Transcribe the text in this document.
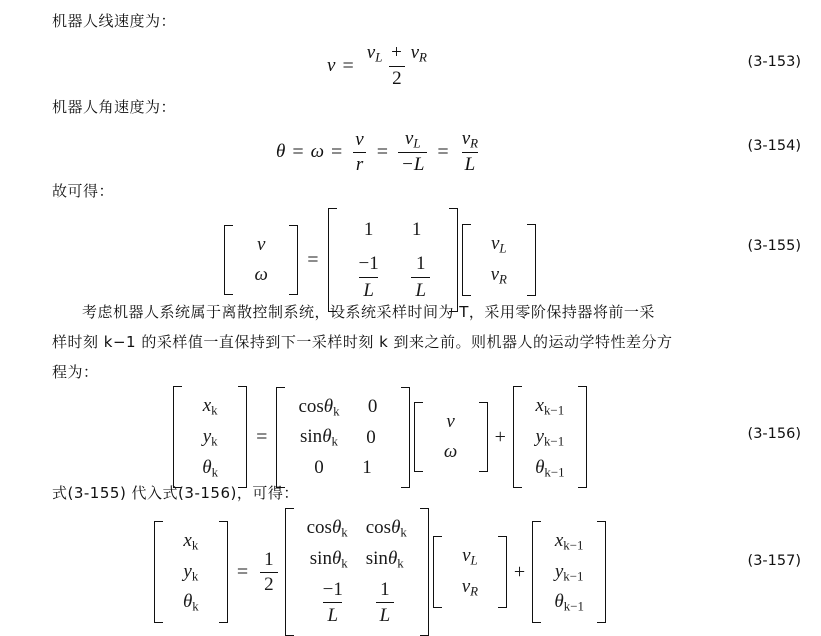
机器人线速度为：
$v = \frac{v_L + v_R}{2}$	(3-153)
机器人角速度为：
$\theta = \omega = \frac{v}{r} = \frac{v_L}{-L} = \frac{v_R}{L}$	(3-154)
故可得：
v
ω
=
1	1
$\frac{-1}{L} \frac{1}{L}$
$v_L$
$v_R$
(3-155)
考虑机器人系统属于离散控制系统，设系统采样时间为 T，采用零阶保持器将前一采
样时刻 k−1 的采样值一直保持到下一采样时刻 k 到来之前。则机器人的运动学特性差分方
程为：
xk
yk
θk
=
cosθk	0
sinθk	0
0	1
v
ω
+
xk−1
yk−1
θk−1
(3-156)
式(3-155) 代入式(3-156)，可得：
xk
yk
θk
= $\frac{1}{2}$
cosθk cosθk
sinθk sinθk
$\frac{-1}{L} \frac{1}{L}$
$v_L$
$v_R$
+
xk−1
yk−1
θk−1
(3-157)
